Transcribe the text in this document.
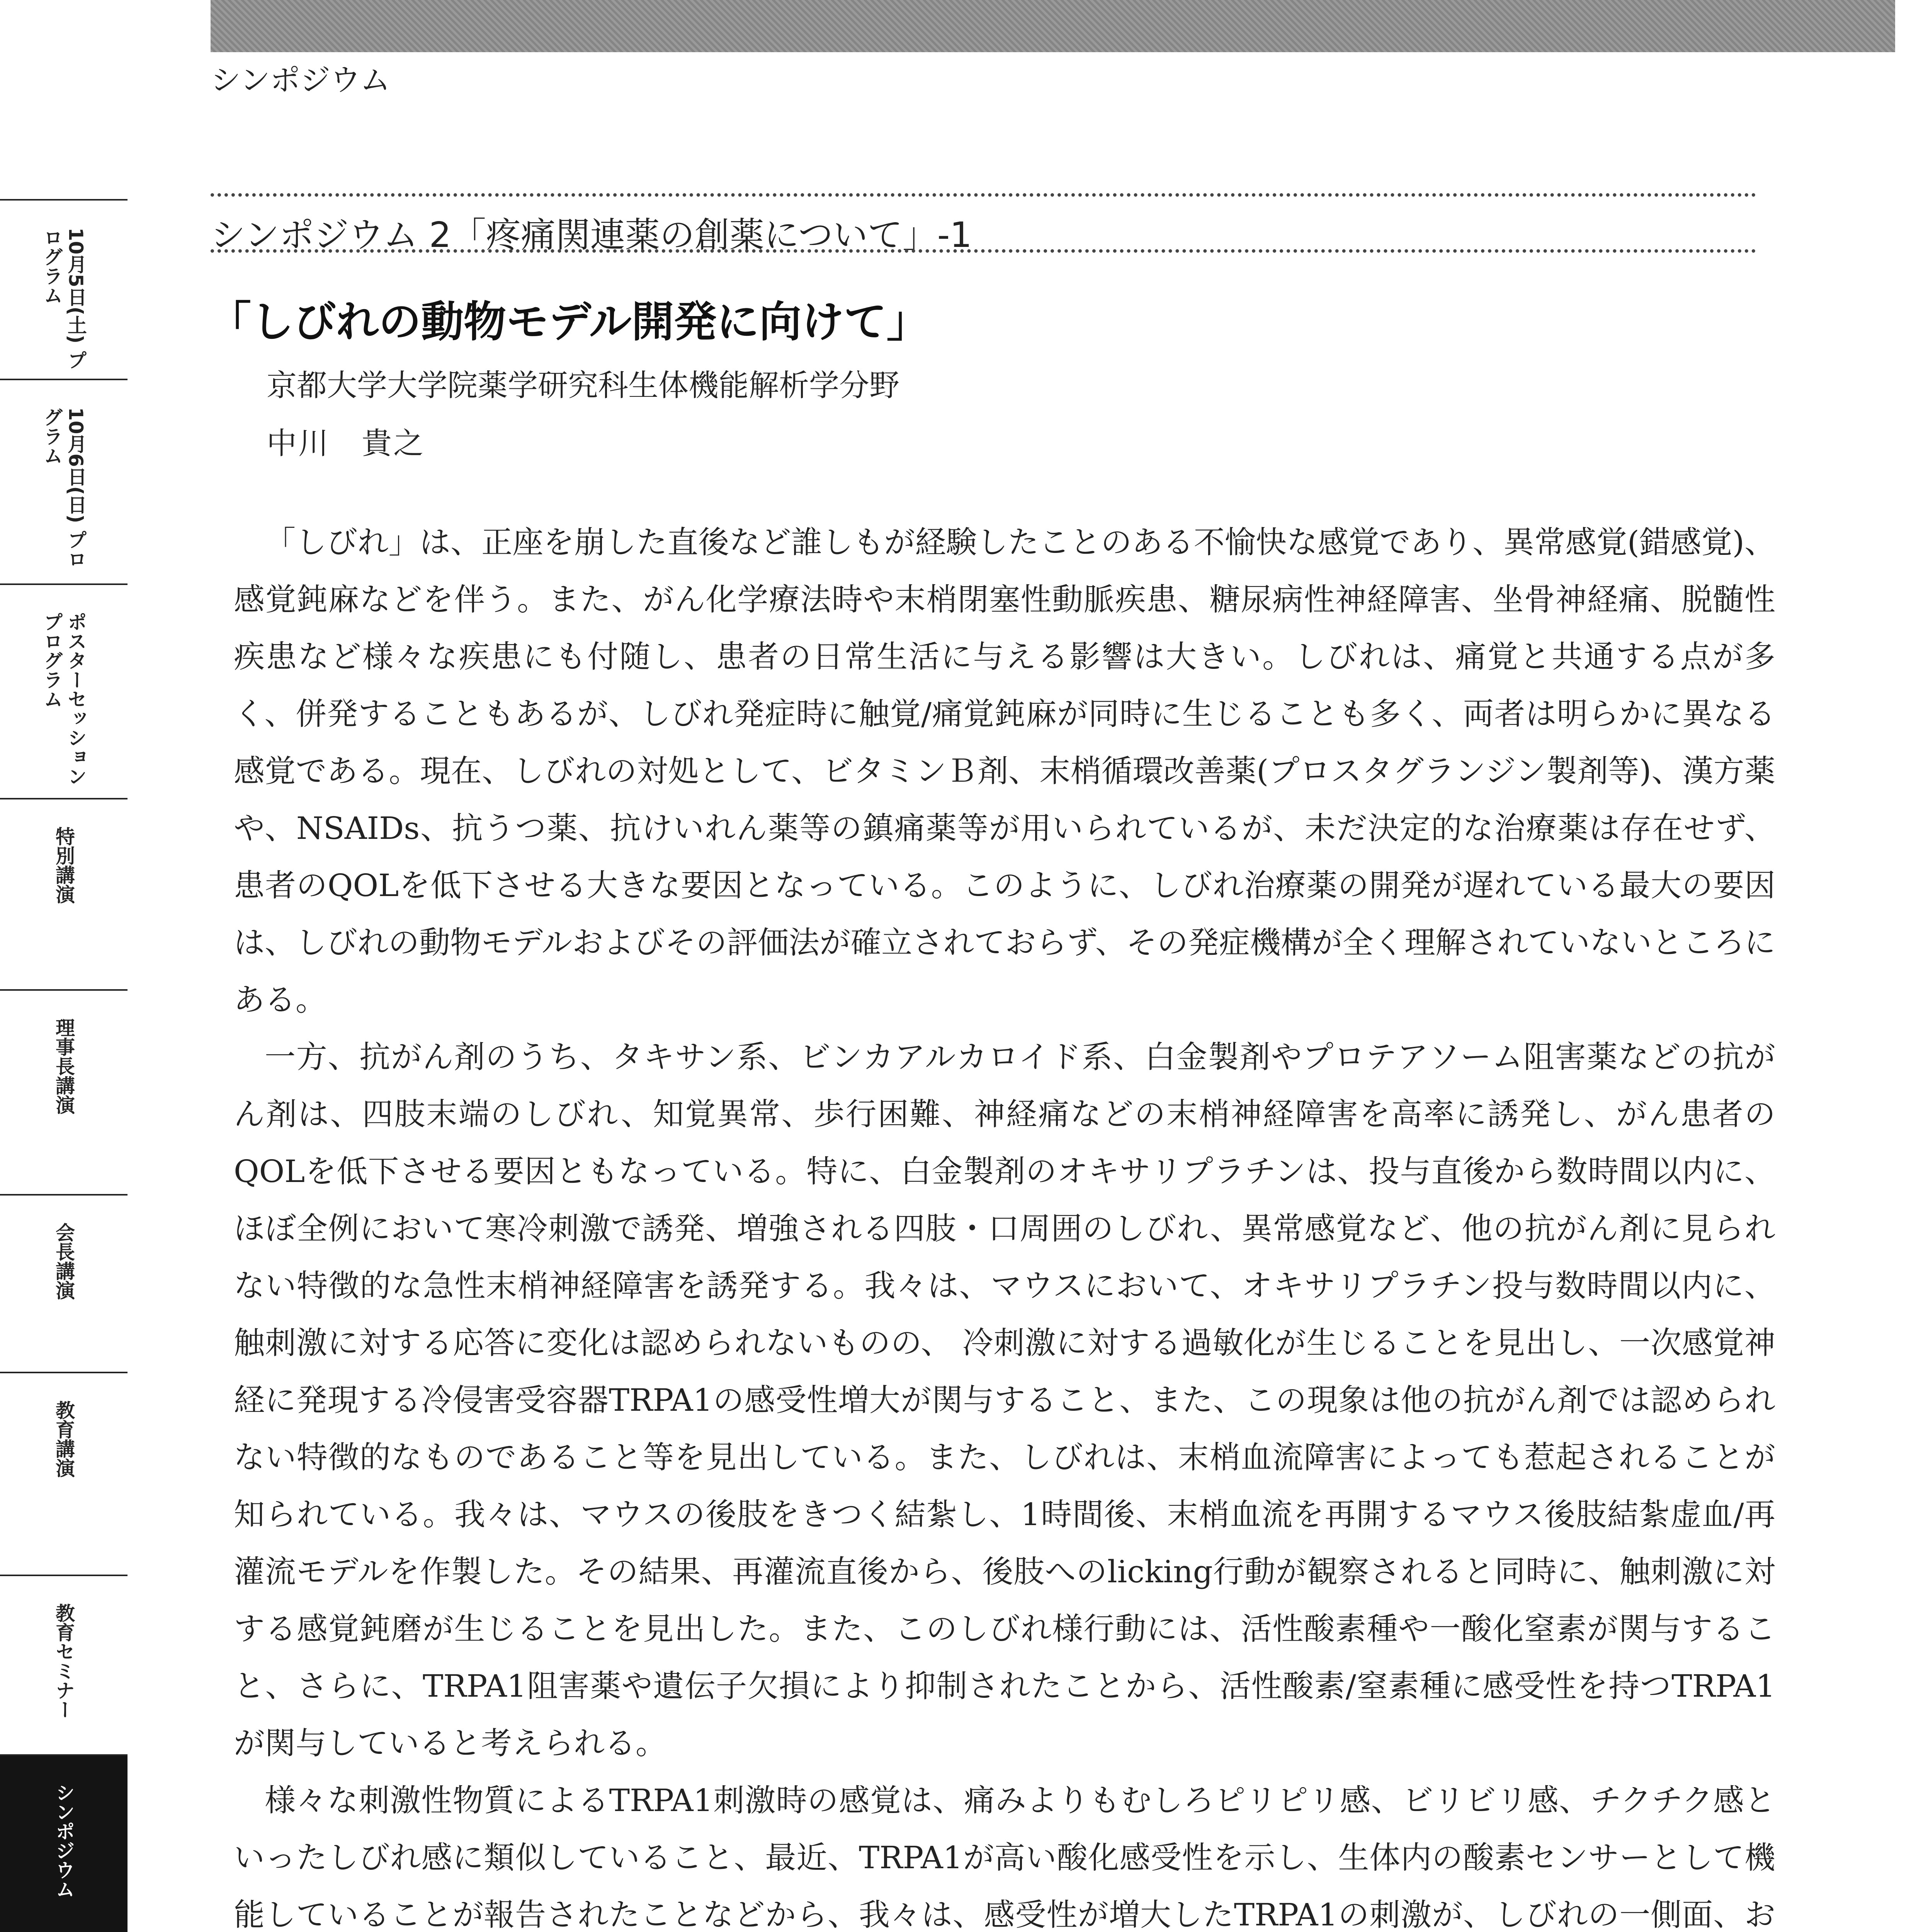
シンポジウム
10月5日(土) プログラム
10月6日(日) プログラム
ポスターセッション プログラム
特別講演
理事長講演
会長講演
教育講演
教育セミナー
シンポジウム
シンポジウム 2「疼痛関連薬の創薬について」-1
「しびれの動物モデル開発に向けて」

京都大学大学院薬学研究科生体機能解析学分野

中川　貴之

「しびれ」は、正座を崩した直後など誰しもが経験したことのある不愉快な感覚であり、異常感覚(錯感覚)、感覚鈍麻などを伴う。また、がん化学療法時や末梢閉塞性動脈疾患、糖尿病性神経障害、坐骨神経痛、脱髄性疾患など様々な疾患にも付随し、患者の日常生活に与える影響は大きい。しびれは、痛覚と共通する点が多く、併発することもあるが、しびれ発症時に触覚/痛覚鈍麻が同時に生じることも多く、両者は明らかに異なる感覚である。現在、しびれの対処として、ビタミンＢ剤、末梢循環改善薬(プロスタグランジン製剤等)、漢方薬や、NSAIDs、抗うつ薬、抗けいれん薬等の鎮痛薬等が用いられているが、未だ決定的な治療薬は存在せず、患者のQOLを低下させる大きな要因となっている。このように、しびれ治療薬の開発が遅れている最大の要因は、しびれの動物モデルおよびその評価法が確立されておらず、その発症機構が全く理解されていないところにある。

一方、抗がん剤のうち、タキサン系、ビンカアルカロイド系、白金製剤やプロテアソーム阻害薬などの抗がん剤は、四肢末端のしびれ、知覚異常、歩行困難、神経痛などの末梢神経障害を高率に誘発し、がん患者のQOLを低下させる要因ともなっている。特に、白金製剤のオキサリプラチンは、投与直後から数時間以内に、ほぼ全例において寒冷刺激で誘発、増強される四肢・口周囲のしびれ、異常感覚など、他の抗がん剤に見られない特徴的な急性末梢神経障害を誘発する。我々は、マウスにおいて、オキサリプラチン投与数時間以内に、 触刺激に対する応答に変化は認められないものの、 冷刺激に対する過敏化が生じることを見出し、一次感覚神経に発現する冷侵害受容器TRPA1の感受性増大が関与すること、また、この現象は他の抗がん剤では認められない特徴的なものであること等を見出している。また、しびれは、末梢血流障害によっても惹起されることが知られている。我々は、マウスの後肢をきつく結紮し、1時間後、末梢血流を再開するマウス後肢結紮虚血/再灌流モデルを作製した。その結果、再灌流直後から、後肢へのlicking行動が観察されると同時に、触刺激に対する感覚鈍磨が生じることを見出した。また、このしびれ様行動には、活性酸素種や一酸化窒素が関与すること、さらに、TRPA1阻害薬や遺伝子欠損により抑制されたことから、活性酸素/窒素種に感受性を持つTRPA1が関与していると考えられる。

様々な刺激性物質によるTRPA1刺激時の感覚は、痛みよりもむしろピリピリ感、ビリビリ感、チクチク感といったしびれ感に類似していること、最近、TRPA1が高い酸化感受性を示し、生体内の酸素センサーとして機能していることが報告されたことなどから、我々は、感受性が増大したTRPA1の刺激が、しびれの一側面、お
